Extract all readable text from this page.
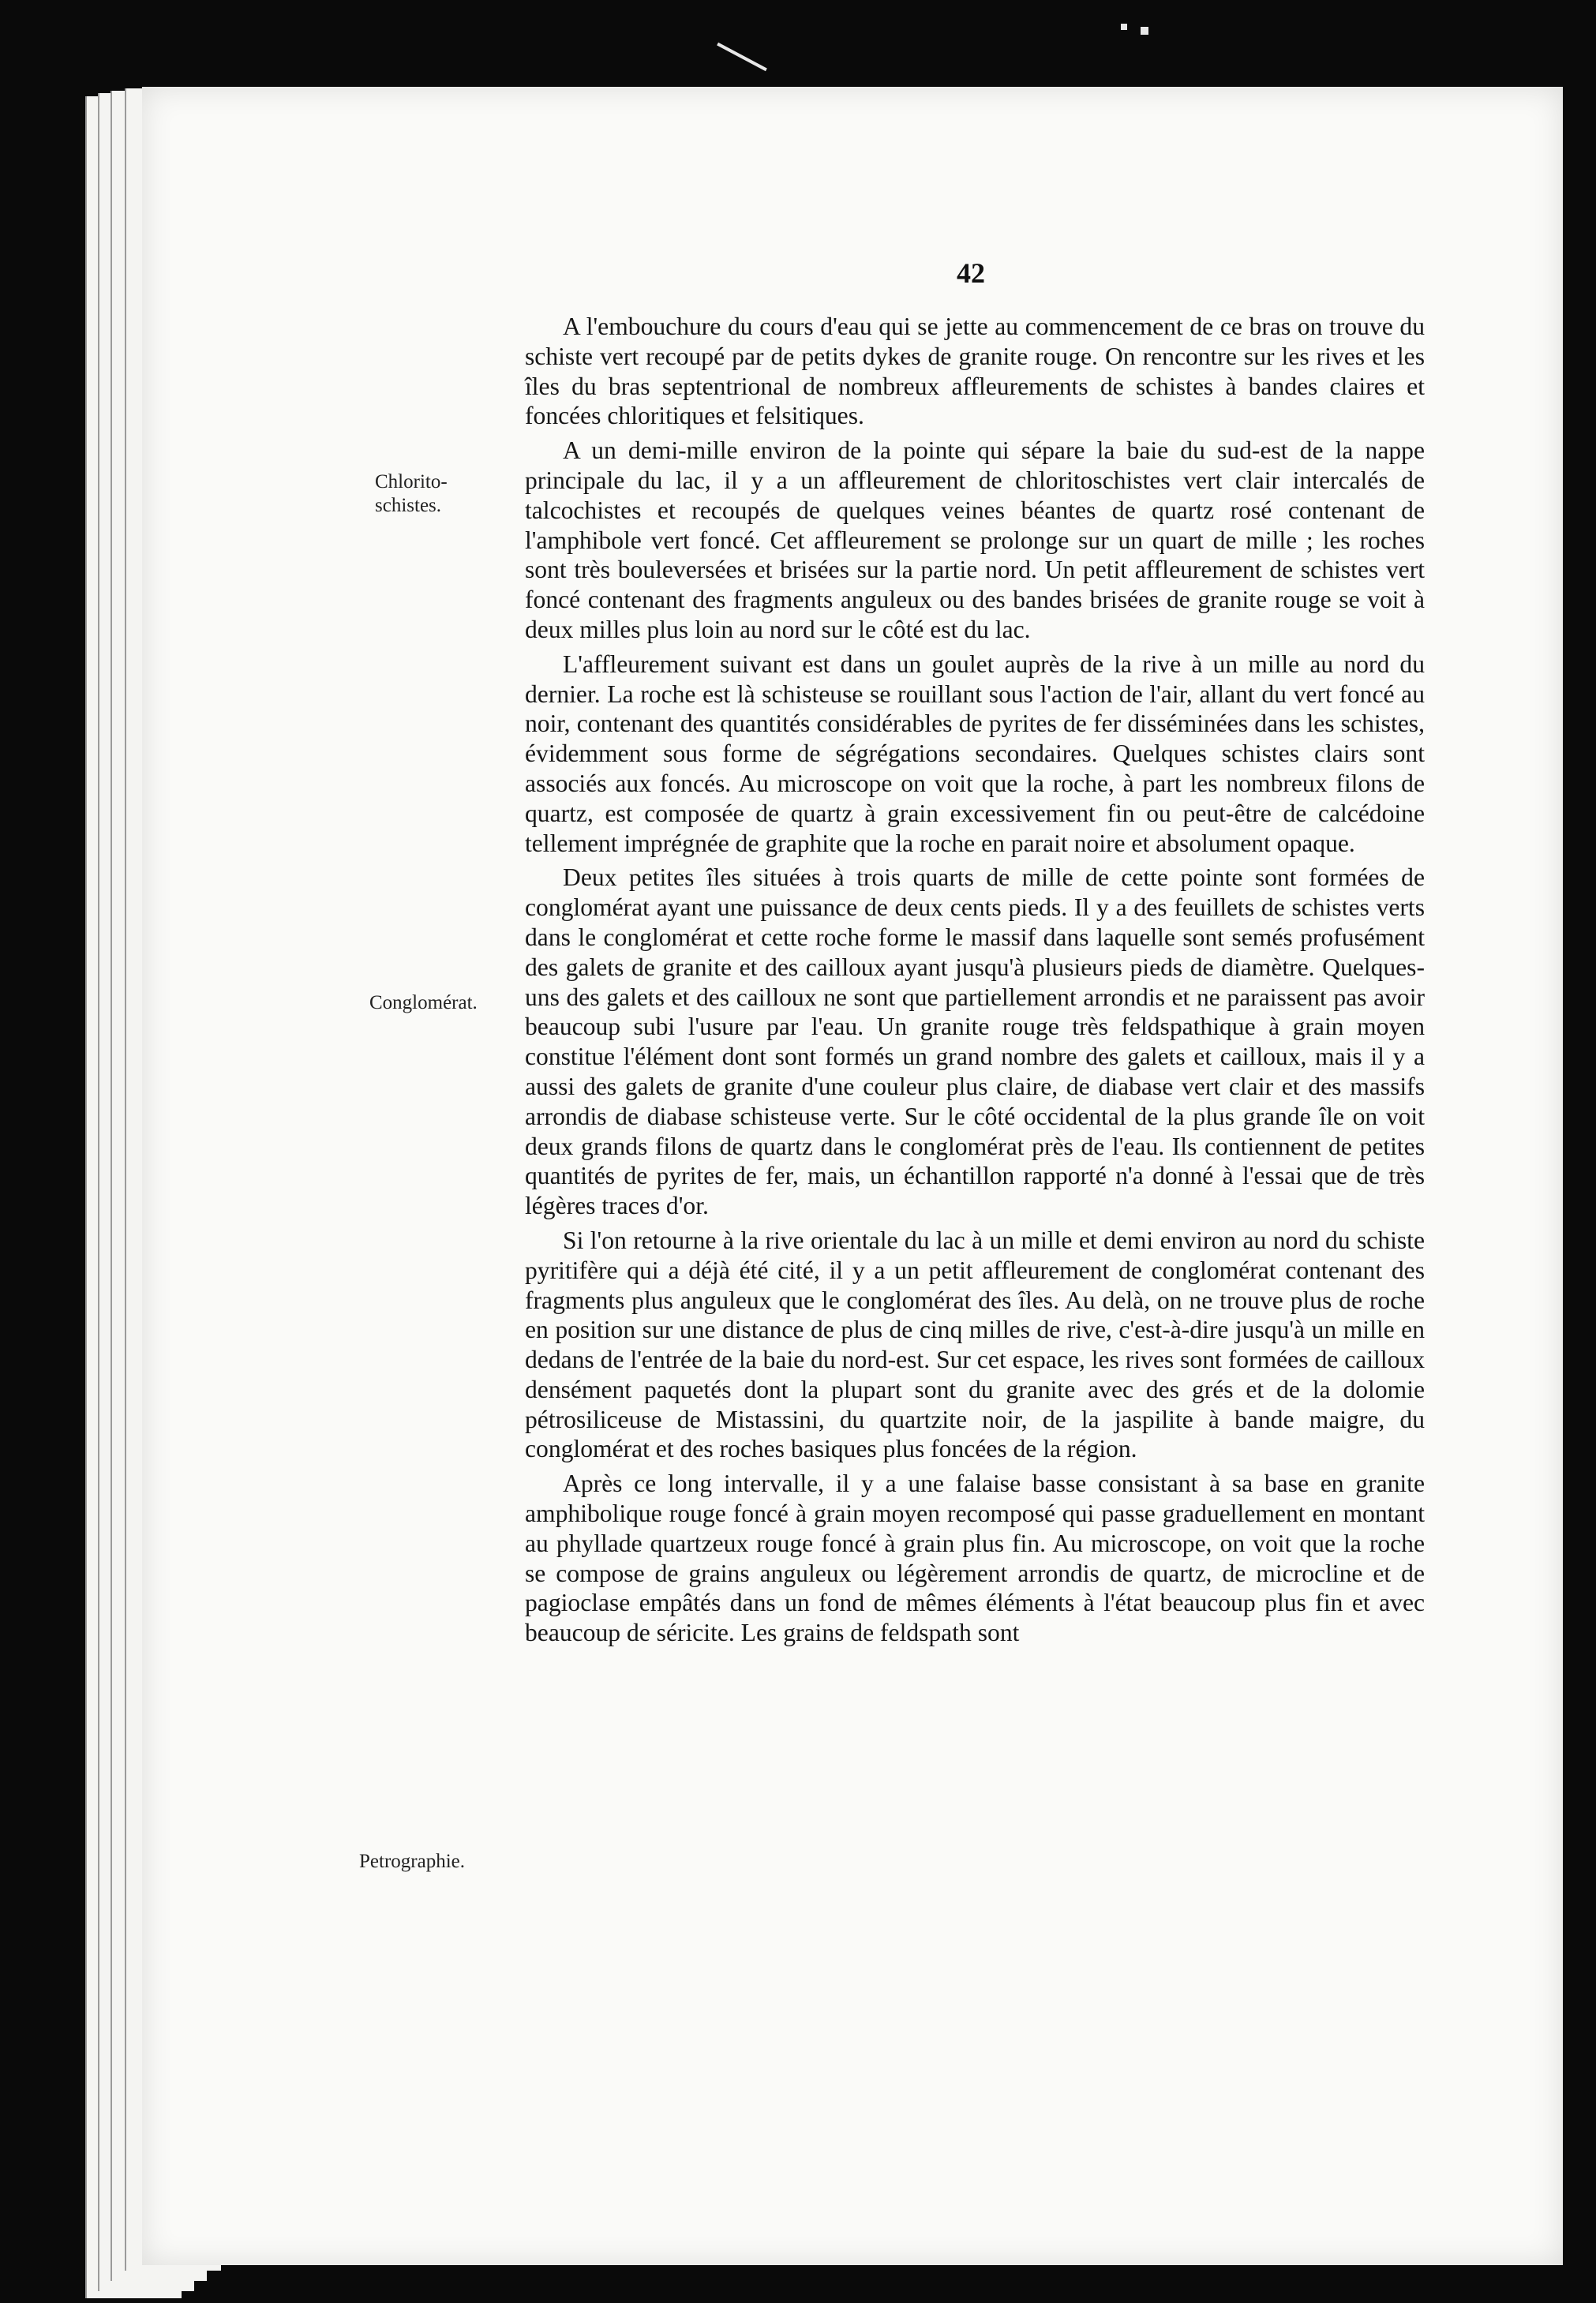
42
Chlorito-
schistes.
Conglomérat.
Petrographie.

A l'embouchure du cours d'eau qui se jette au commencement de ce bras on trouve du schiste vert recoupé par de petits dykes de granite rouge. On rencontre sur les rives et les îles du bras septentrional de nombreux affleurements de schistes à bandes claires et foncées chloritiques et felsitiques.

A un demi-mille environ de la pointe qui sépare la baie du sud-est de la nappe principale du lac, il y a un affleurement de chloritoschistes vert clair intercalés de talcochistes et recoupés de quelques veines béantes de quartz rosé contenant de l'amphibole vert foncé. Cet affleurement se prolonge sur un quart de mille ; les roches sont très bouleversées et brisées sur la partie nord. Un petit affleurement de schistes vert foncé contenant des fragments anguleux ou des bandes brisées de granite rouge se voit à deux milles plus loin au nord sur le côté est du lac.

L'affleurement suivant est dans un goulet auprès de la rive à un mille au nord du dernier. La roche est là schisteuse se rouillant sous l'action de l'air, allant du vert foncé au noir, contenant des quantités considérables de pyrites de fer disséminées dans les schistes, évidemment sous forme de ségrégations secondaires. Quelques schistes clairs sont associés aux foncés. Au microscope on voit que la roche, à part les nombreux filons de quartz, est composée de quartz à grain excessivement fin ou peut-être de calcédoine tellement imprégnée de graphite que la roche en parait noire et absolument opaque.

Deux petites îles situées à trois quarts de mille de cette pointe sont formées de conglomérat ayant une puissance de deux cents pieds. Il y a des feuillets de schistes verts dans le conglomérat et cette roche forme le massif dans laquelle sont semés profusément des galets de granite et des cailloux ayant jusqu'à plusieurs pieds de diamètre. Quelques-uns des galets et des cailloux ne sont que partiellement arrondis et ne paraissent pas avoir beaucoup subi l'usure par l'eau. Un granite rouge très feldspathique à grain moyen constitue l'élément dont sont formés un grand nombre des galets et cailloux, mais il y a aussi des galets de granite d'une couleur plus claire, de diabase vert clair et des massifs arrondis de diabase schisteuse verte. Sur le côté occidental de la plus grande île on voit deux grands filons de quartz dans le conglomérat près de l'eau. Ils contiennent de petites quantités de pyrites de fer, mais, un échantillon rapporté n'a donné à l'essai que de très légères traces d'or.

Si l'on retourne à la rive orientale du lac à un mille et demi environ au nord du schiste pyritifère qui a déjà été cité, il y a un petit affleurement de conglomérat contenant des fragments plus anguleux que le conglomérat des îles. Au delà, on ne trouve plus de roche en position sur une distance de plus de cinq milles de rive, c'est-à-dire jusqu'à un mille en dedans de l'entrée de la baie du nord-est. Sur cet espace, les rives sont formées de cailloux densément paquetés dont la plupart sont du granite avec des grés et de la dolomie pétrosiliceuse de Mistassini, du quartzite noir, de la jaspilite à bande maigre, du conglomérat et des roches basiques plus foncées de la région.

Après ce long intervalle, il y a une falaise basse consistant à sa base en granite amphibolique rouge foncé à grain moyen recomposé qui passe graduellement en montant au phyllade quartzeux rouge foncé à grain plus fin. Au microscope, on voit que la roche se compose de grains anguleux ou légèrement arrondis de quartz, de microcline et de pagioclase empâtés dans un fond de mêmes éléments à l'état beaucoup plus fin et avec beaucoup de séricite. Les grains de feldspath sont
